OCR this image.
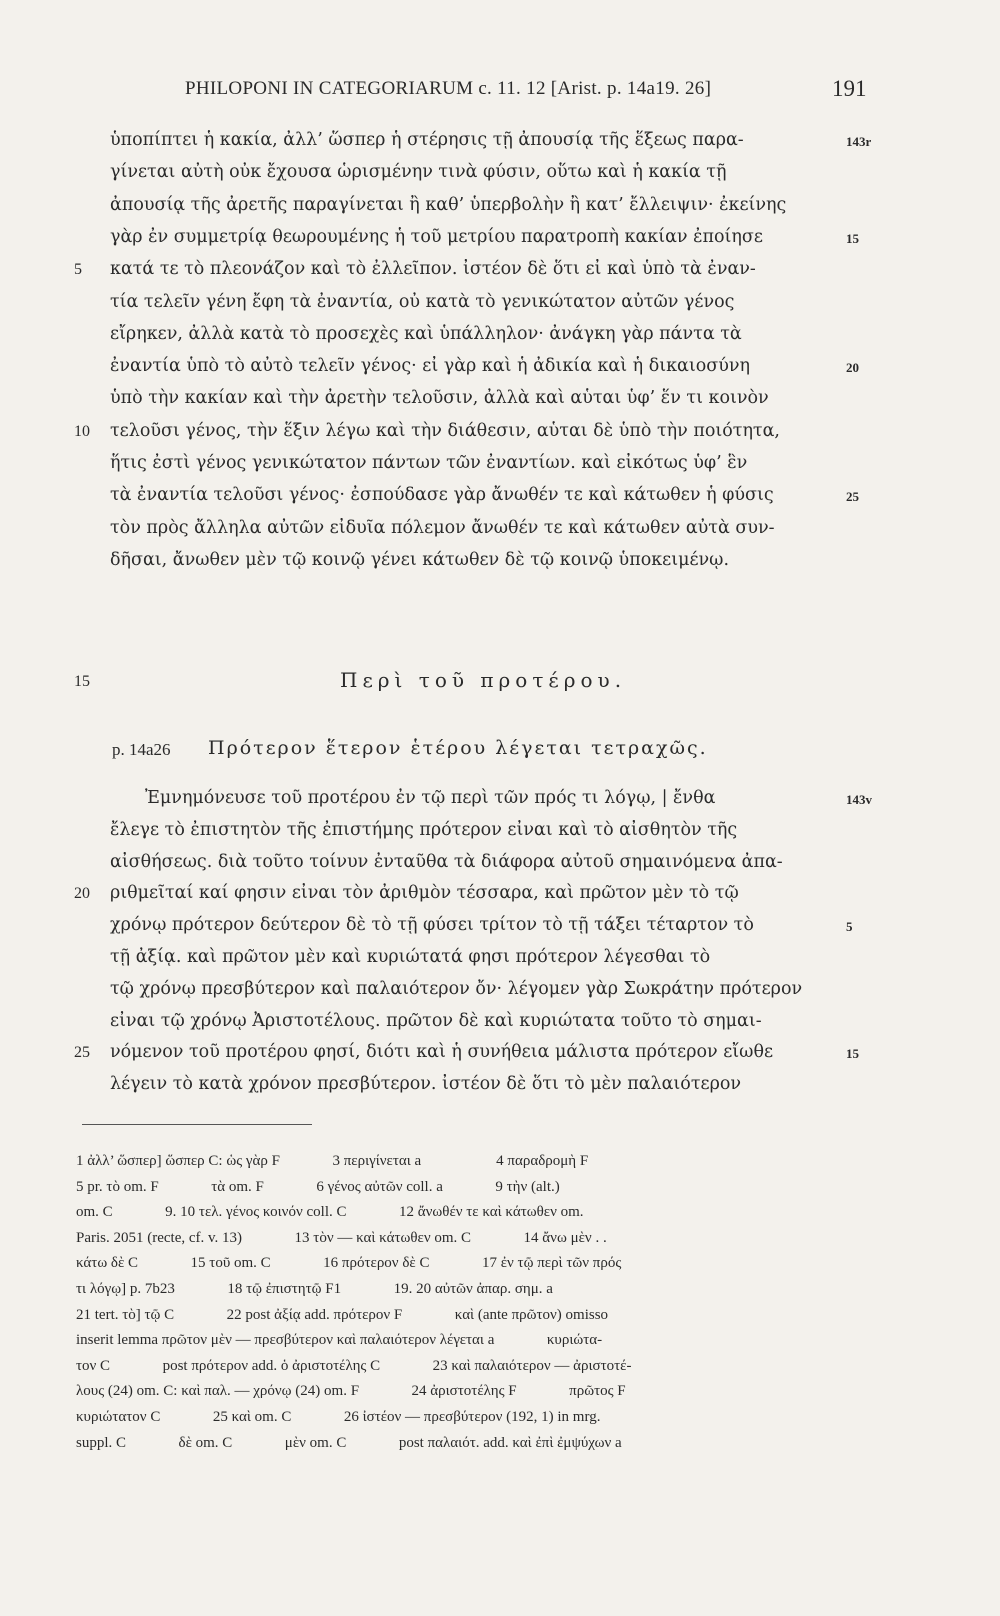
PHILOPONI IN CATEGORIARUM c. 11. 12 [Arist. p. 14a19. 26]	191
ὑποπίπτει ἡ κακία, ἀλλ’ ὥσπερ ἡ στέρησις τῇ ἀπουσίᾳ τῆς ἕξεως παρα-	143r
γίνεται αὐτὴ οὐκ ἔχουσα ὡρισμένην τινὰ φύσιν, οὕτω καὶ ἡ κακία τῇ
ἀπουσίᾳ τῆς ἀρετῆς παραγίνεται ἢ καθ’ ὑπερβολὴν ἢ κατ’ ἔλλειψιν· ἐκείνης
γὰρ ἐν συμμετρίᾳ θεωρουμένης ἡ τοῦ μετρίου παρατροπὴ κακίαν ἐποίησε	15
κατά τε τὸ πλεονάζον καὶ τὸ ἐλλεῖπον. ἰστέον δὲ ὅτι εἰ καὶ ὑπὸ τὰ ἐναν-
5
τία τελεῖν γένη ἔφη τὰ ἐναντία, οὐ κατὰ τὸ γενικώτατον αὐτῶν γένος
εἴρηκεν, ἀλλὰ κατὰ τὸ προσεχὲς καὶ ὑπάλληλον· ἀνάγκη γὰρ πάντα τὰ
ἐναντία ὑπὸ τὸ αὐτὸ τελεῖν γένος· εἰ γὰρ καὶ ἡ ἀδικία καὶ ἡ δικαιοσύνη	20
ὑπὸ τὴν κακίαν καὶ τὴν ἀρετὴν τελοῦσιν, ἀλλὰ καὶ αὗται ὑφ’ ἕν τι κοινὸν
τελοῦσι γένος, τὴν ἕξιν λέγω καὶ τὴν διάθεσιν, αὗται δὲ ὑπὸ τὴν ποιότητα,
10
ἥτις ἐστὶ γένος γενικώτατον πάντων τῶν ἐναντίων. καὶ εἰκότως ὑφ’ ἓν
τὰ ἐναντία τελοῦσι γένος· ἐσπούδασε γὰρ ἄνωθέν τε καὶ κάτωθεν ἡ φύσις	25
τὸν πρὸς ἄλληλα αὐτῶν εἰδυῖα πόλεμον ἄνωθέν τε καὶ κάτωθεν αὐτὰ συν-
δῆσαι, ἄνωθεν μὲν τῷ κοινῷ γένει κάτωθεν δὲ τῷ κοινῷ ὑποκειμένῳ.
15	Περὶ τοῦ προτέρου.
p. 14a26 Πρότερον ἕτερον ἑτέρου λέγεται τετραχῶς.
Ἐμνημόνευσε τοῦ προτέρου ἐν τῷ περὶ τῶν πρός τι λόγῳ, | ἔνθα	143v
ἔλεγε τὸ ἐπιστητὸν τῆς ἐπιστήμης πρότερον εἶναι καὶ τὸ αἰσθητὸν τῆς
αἰσθήσεως. διὰ τοῦτο τοίνυν ἐνταῦθα τὰ διάφορα αὐτοῦ σημαινόμενα ἀπα-
ριθμεῖταί καί φησιν εἶναι τὸν ἀριθμὸν τέσσαρα, καὶ πρῶτον μὲν τὸ τῷ
20
χρόνῳ πρότερον δεύτερον δὲ τὸ τῇ φύσει τρίτον τὸ τῇ τάξει τέταρτον τὸ	5
τῇ ἀξίᾳ. καὶ πρῶτον μὲν καὶ κυριώτατά φησι πρότερον λέγεσθαι τὸ
τῷ χρόνῳ πρεσβύτερον καὶ παλαιότερον ὄν· λέγομεν γὰρ Σωκράτην πρότερον
εἶναι τῷ χρόνῳ Ἀριστοτέλους. πρῶτον δὲ καὶ κυριώτατα τοῦτο τὸ σημαι-
νόμενον τοῦ προτέρου φησί, διότι καὶ ἡ συνήθεια μάλιστα πρότερον εἴωθε
25	15
λέγειν τὸ κατὰ χρόνον πρεσβύτερον. ἰστέον δὲ ὅτι τὸ μὲν παλαιότερον
1 ἀλλ’ ὥσπερ] ὥσπερ C: ὡς γὰρ F              3 περιγίνεται a                    4 παραδρομὴ F
5 pr. τὸ om. F              τὰ om. F              6 γένος αὐτῶν coll. a              9 τὴν (alt.)
om. C              9. 10 τελ. γένος κοινόν coll. C              12 ἄνωθέν τε καὶ κάτωθεν om.
Paris. 2051 (recte, cf. v. 13)              13 τὸν — καὶ κάτωθεν om. C              14 ἄνω μὲν . .
κάτω δὲ C              15 τοῦ om. C              16 πρότερον δὲ C              17 ἐν τῷ περὶ τῶν πρός
τι λόγῳ] p. 7b23              18 τῷ ἐπιστητῷ F1              19. 20 αὐτῶν ἀπαρ. σημ. a
21 tert. τὸ] τῷ C              22 post ἀξίᾳ add. πρότερον F              καὶ (ante πρῶτον) omisso
inserit lemma πρῶτον μὲν — πρεσβύτερον καὶ παλαιότερον λέγεται a              κυριώτα-
τον C              post πρότερον add. ὁ ἀριστοτέλης C              23 καὶ παλαιότερον — ἀριστοτέ-
λους (24) om. C: καὶ παλ. — χρόνῳ (24) om. F              24 ἀριστοτέλης F              πρῶτος F
κυριώτατον C              25 καὶ om. C              26 ἰστέον — πρεσβύτερον (192, 1) in mrg.
suppl. C              δὲ om. C              μὲν om. C              post παλαιότ. add. καὶ ἐπὶ ἐμψύχων a
